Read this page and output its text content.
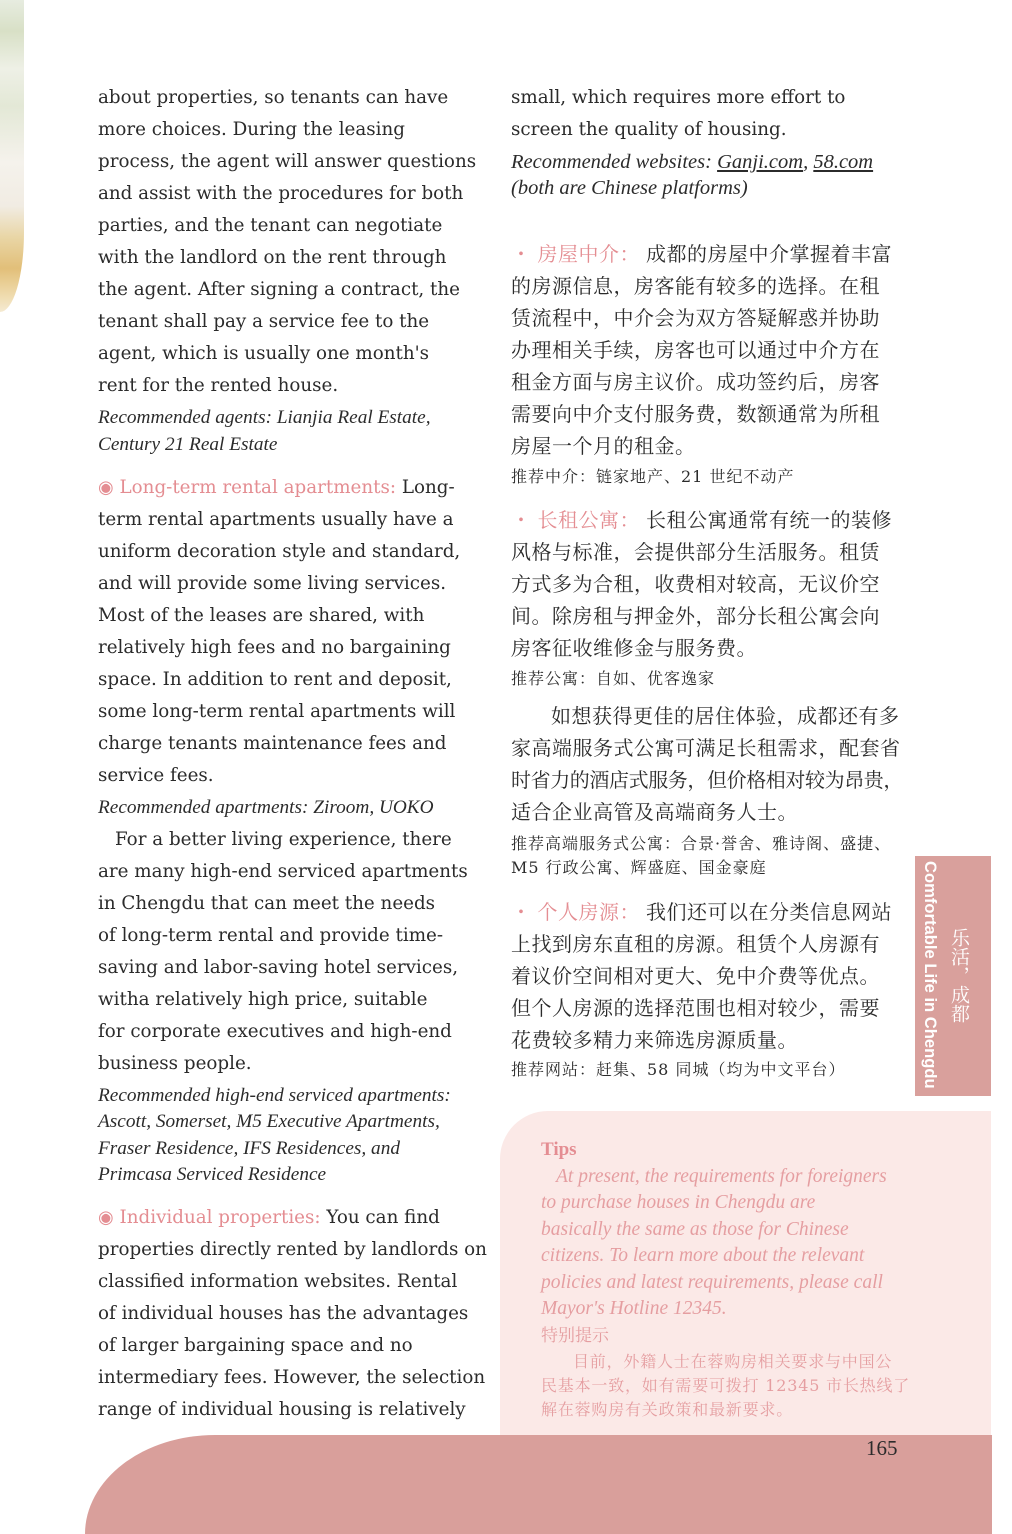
about properties, so tenants can have
more choices. During the leasing
process, the agent will answer questions
and assist with the procedures for both
parties, and the tenant can negotiate
with the landlord on the rent through
the agent. After signing a contract, the
tenant shall pay a service fee to the
agent, which is usually one month's
rent for the rented house.
Recommended agents: Lianjia Real Estate,
Century 21 Real Estate
◉ Long-term rental apartments: Long-
term rental apartments usually have a
uniform decoration style and standard,
and will provide some living services.
Most of the leases are shared, with
relatively high fees and no bargaining
space. In addition to rent and deposit,
some long-term rental apartments will
charge tenants maintenance fees and
service fees.
Recommended apartments: Ziroom, UOKO
For a better living experience, there
are many high-end serviced apartments
in Chengdu that can meet the needs
of long-term rental and provide time-
saving and labor-saving hotel services,
witha relatively high price, suitable
for corporate executives and high-end
business people.
Recommended high-end serviced apartments:
Ascott, Somerset, M5 Executive Apartments,
Fraser Residence, IFS Residences, and
Primcasa Serviced Residence
◉ Individual properties: You can find
properties directly rented by landlords on
classified information websites. Rental
of individual houses has the advantages
of larger bargaining space and no
intermediary fees. However, the selection
range of individual housing is relatively
small, which requires more effort to
screen the quality of housing.
Recommended websites: Ganji.com, 58.com
(both are Chinese platforms)
・ 房屋中介： 成都的房屋中介掌握着丰富
的房源信息，房客能有较多的选择。在租
赁流程中，中介会为双方答疑解惑并协助
办理相关手续，房客也可以通过中介方在
租金方面与房主议价。成功签约后，房客
需要向中介支付服务费，数额通常为所租
房屋一个月的租金。
推荐中介：链家地产、21 世纪不动产
・ 长租公寓： 长租公寓通常有统一的装修
风格与标准，会提供部分生活服务。租赁
方式多为合租，收费相对较高，无议价空
间。除房租与押金外，部分长租公寓会向
房客征收维修金与服务费。
推荐公寓：自如、优客逸家
如想获得更佳的居住体验，成都还有多
家高端服务式公寓可满足长租需求，配套省
时省力的酒店式服务，但价格相对较为昂贵，
适合企业高管及高端商务人士。
推荐高端服务式公寓：合景·誉舍、雅诗阁、盛捷、
M5 行政公寓、辉盛庭、国金豪庭
・ 个人房源： 我们还可以在分类信息网站
上找到房东直租的房源。租赁个人房源有
着议价空间相对更大、免中介费等优点。
但个人房源的选择范围也相对较少，需要
花费较多精力来筛选房源质量。
推荐网站：赶集、58 同城（均为中文平台）	Comfortable Life in Chengdu 乐活，成都
Tips
At present, the requirements for foreigners
to purchase houses in Chengdu are
basically the same as those for Chinese
citizens. To learn more about the relevant
policies and latest requirements, please call
Mayor's Hotline 12345.
特别提示
目前，外籍人士在蓉购房相关要求与中国公
民基本一致，如有需要可拨打 12345 市长热线了
解在蓉购房有关政策和最新要求。
165
